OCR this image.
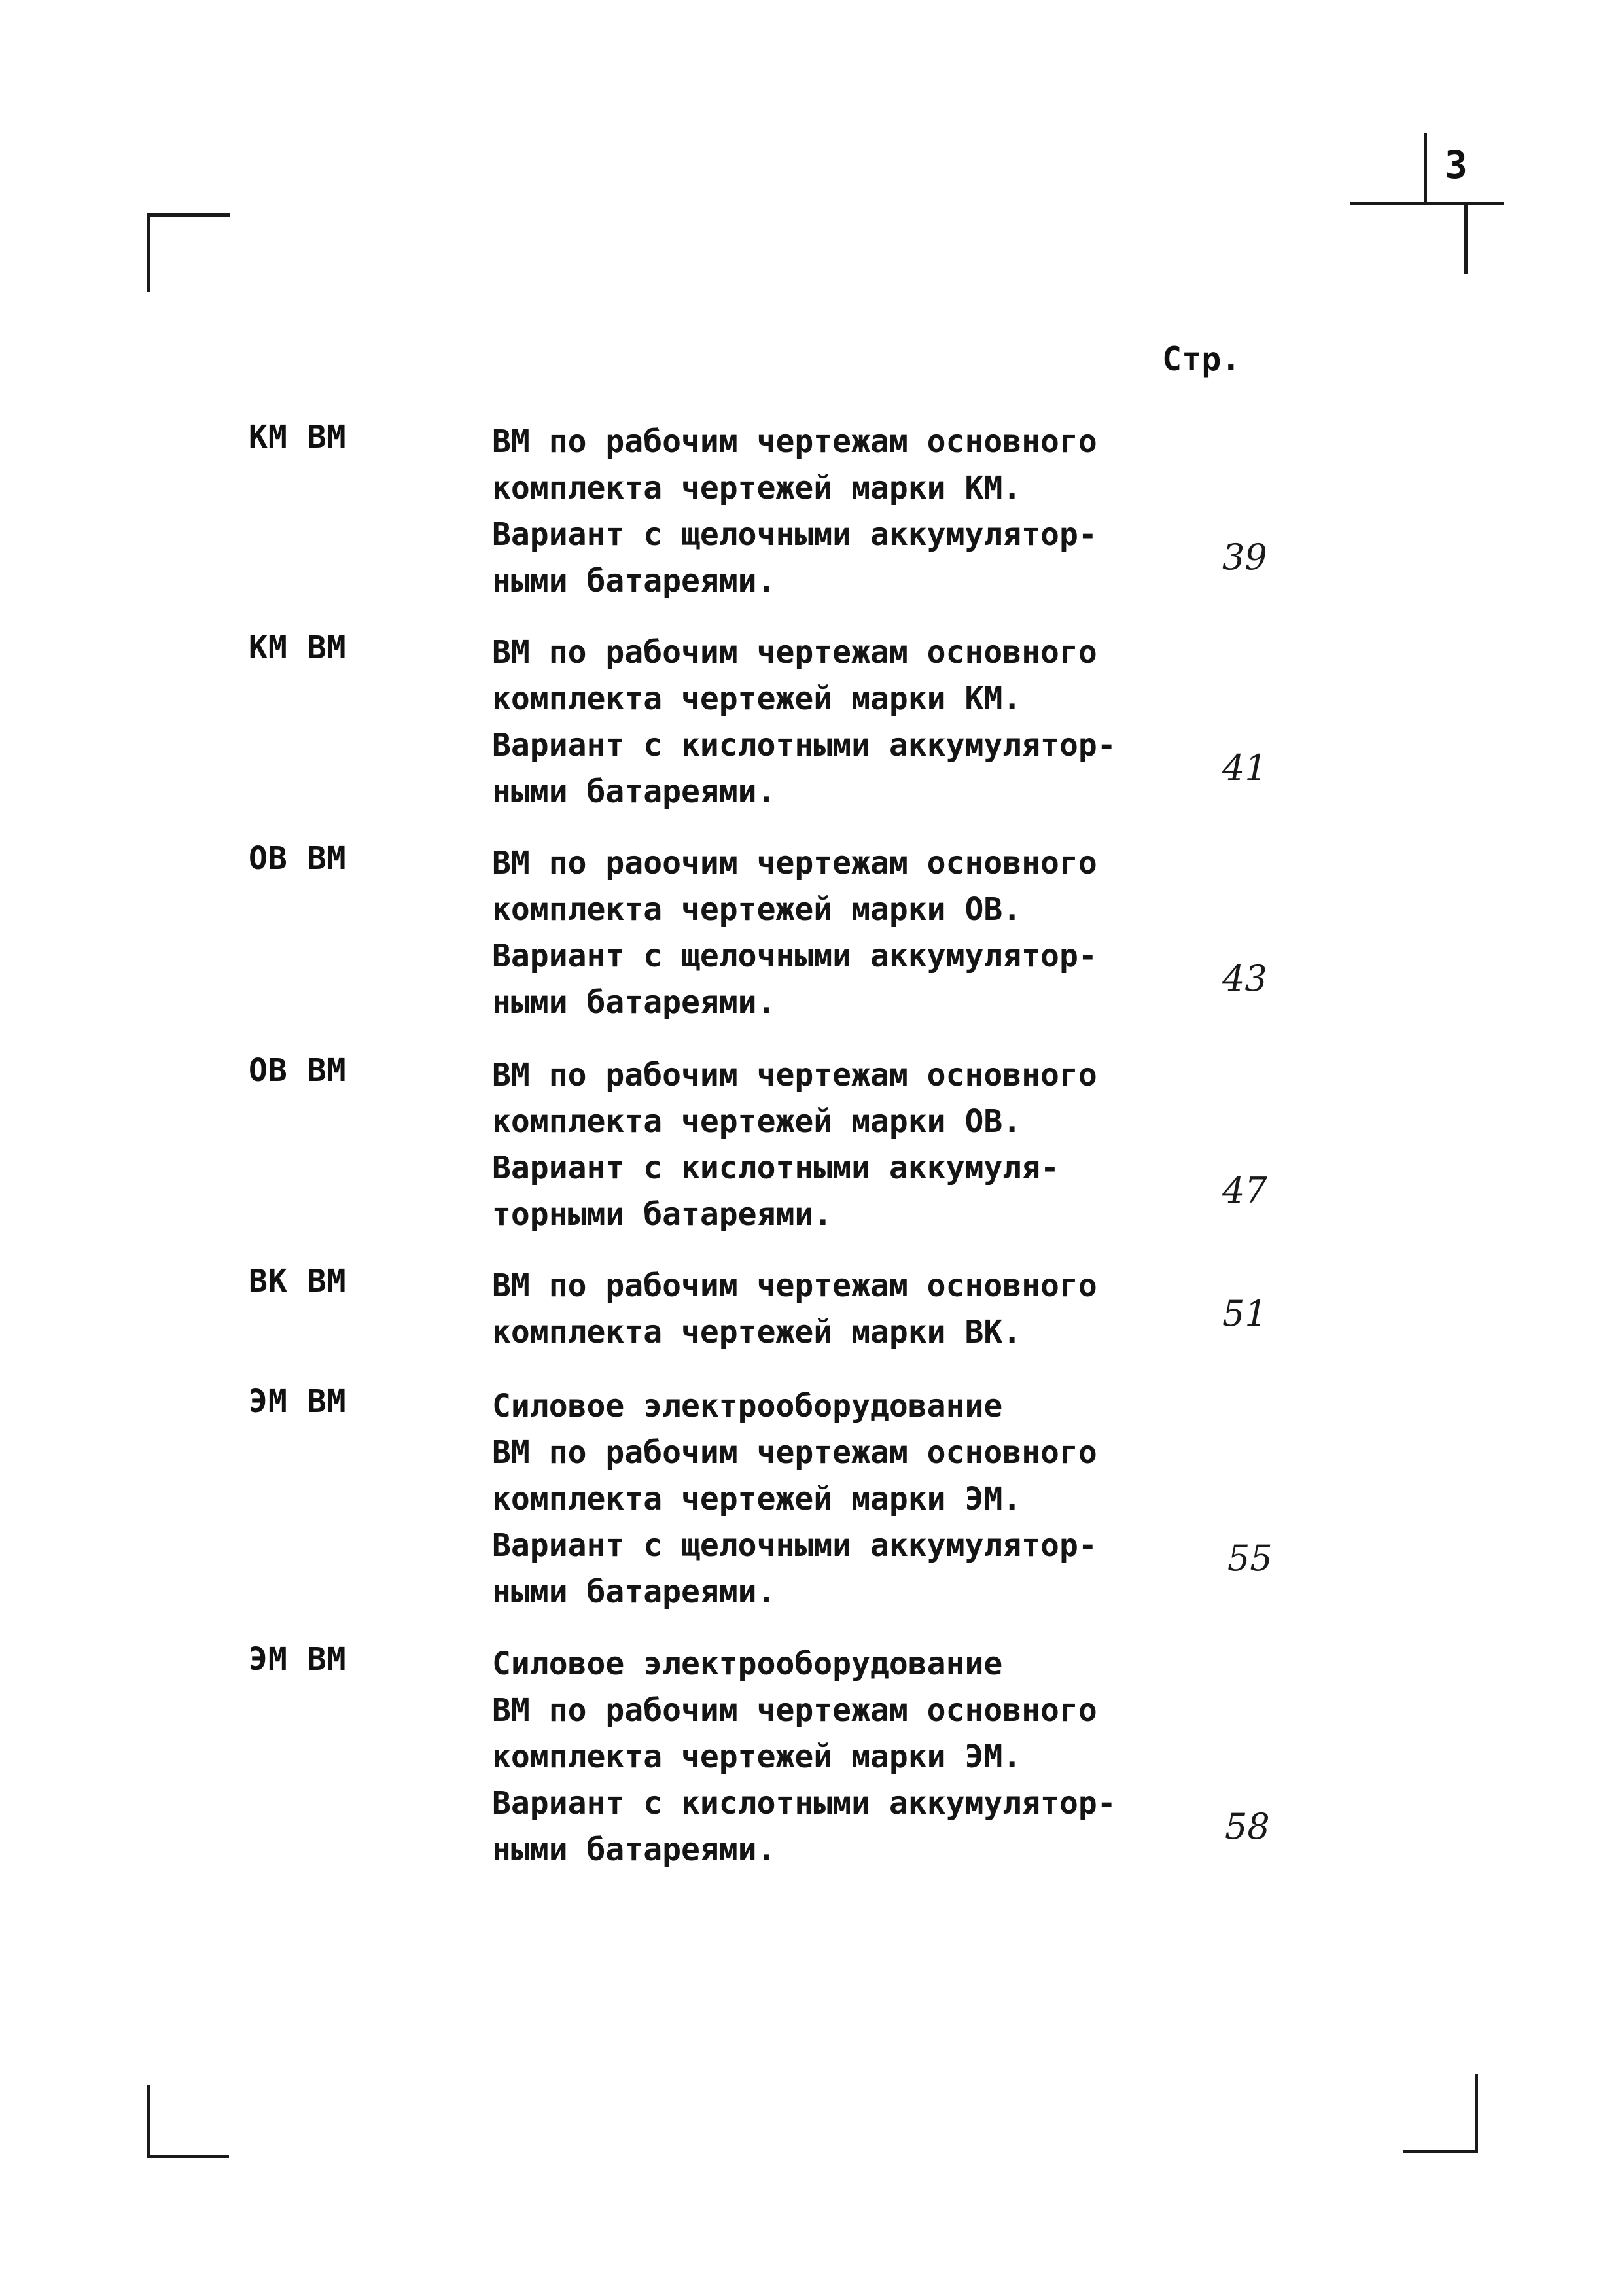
3
Стр.
КМ ВМ	ВМ по рабочим чертежам основного
комплекта чертежей марки КМ.
Вариант с щелочными аккумулятор-
ными батареями.
39
КМ ВМ	ВМ по рабочим чертежам основного
комплекта чертежей марки КМ.
Вариант с кислотными аккумулятор-
ными батареями.
41
ОВ ВМ	ВМ по раоочим чертежам основного
комплекта чертежей марки ОВ.
Вариант с щелочными аккумулятор-
ными батареями.
43
ОВ ВМ	ВМ по рабочим чертежам основного
комплекта чертежей марки ОВ.
Вариант с кислотными аккумуля-
торными батареями.
47
ВК ВМ	ВМ по рабочим чертежам основного
комплекта чертежей марки ВК.	51
ЭМ ВМ	Силовое электрооборудование
ВМ по рабочим чертежам основного
комплекта чертежей марки ЭМ.
Вариант с щелочными аккумулятор-
ными батареями.
55
ЭМ ВМ	Силовое электрооборудование
ВМ по рабочим чертежам основного
комплекта чертежей марки ЭМ.
Вариант с кислотными аккумулятор-
ными батареями.
58
